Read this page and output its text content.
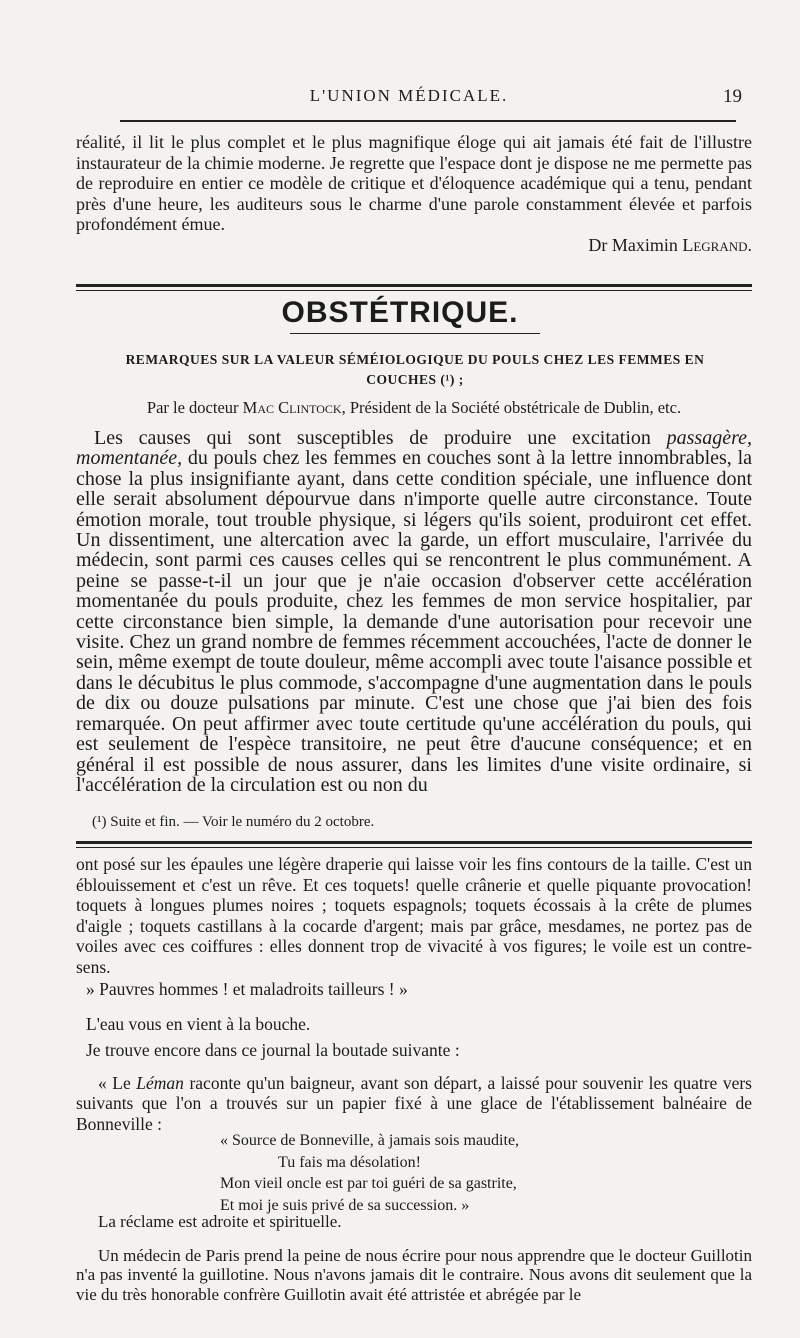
L'UNION MÉDICALE.	19

réalité, il lit le plus complet et le plus magnifique éloge qui ait jamais été fait de l'illustre instaurateur de la chimie moderne. Je regrette que l'espace dont je dispose ne me permette pas de reproduire en entier ce modèle de critique et d'éloquence académique qui a tenu, pendant près d'une heure, les auditeurs sous le charme d'une parole constamment élevée et parfois profondément émue.

Dr Maximin Legrand.

OBSTÉTRIQUE.
REMARQUES SUR LA VALEUR SÉMÉIOLOGIQUE DU POULS CHEZ LES FEMMES EN COUCHES (¹) ;
Par le docteur Mac Clintock, Président de la Société obstétricale de Dublin, etc.

Les causes qui sont susceptibles de produire une excitation passagère, momentanée, du pouls chez les femmes en couches sont à la lettre innombrables, la chose la plus insignifiante ayant, dans cette condition spéciale, une influence dont elle serait absolument dépourvue dans n'importe quelle autre circonstance. Toute émotion morale, tout trouble physique, si légers qu'ils soient, produiront cet effet. Un dissentiment, une altercation avec la garde, un effort musculaire, l'arrivée du médecin, sont parmi ces causes celles qui se rencontrent le plus communément. A peine se passe-t-il un jour que je n'aie occasion d'observer cette accélération momentanée du pouls produite, chez les femmes de mon service hospitalier, par cette circonstance bien simple, la demande d'une autorisation pour recevoir une visite. Chez un grand nombre de femmes récemment accouchées, l'acte de donner le sein, même exempt de toute douleur, même accompli avec toute l'aisance possible et dans le décubitus le plus commode, s'accompagne d'une augmentation dans le pouls de dix ou douze pulsations par minute. C'est une chose que j'ai bien des fois remarquée. On peut affirmer avec toute certitude qu'une accélération du pouls, qui est seulement de l'espèce transitoire, ne peut être d'aucune conséquence; et en général il est possible de nous assurer, dans les limites d'une visite ordinaire, si l'accélération de la circulation est ou non du

(¹) Suite et fin. — Voir le numéro du 2 octobre.

ont posé sur les épaules une légère draperie qui laisse voir les fins contours de la taille. C'est un éblouissement et c'est un rêve. Et ces toquets! quelle crânerie et quelle piquante provocation! toquets à longues plumes noires ; toquets espagnols; toquets écossais à la crête de plumes d'aigle ; toquets castillans à la cocarde d'argent; mais par grâce, mesdames, ne portez pas de voiles avec ces coiffures : elles donnent trop de vivacité à vos figures; le voile est un contre-sens.

» Pauvres hommes ! et maladroits tailleurs ! »

L'eau vous en vient à la bouche.

Je trouve encore dans ce journal la boutade suivante :

« Le Léman raconte qu'un baigneur, avant son départ, a laissé pour souvenir les quatre vers suivants que l'on a trouvés sur un papier fixé à une glace de l'établissement balnéaire de Bonneville :

« Source de Bonneville, à jamais sois maudite,
Tu fais ma désolation!
Mon vieil oncle est par toi guéri de sa gastrite,
Et moi je suis privé de sa succession. »

La réclame est adroite et spirituelle.

Un médecin de Paris prend la peine de nous écrire pour nous apprendre que le docteur Guillotin n'a pas inventé la guillotine. Nous n'avons jamais dit le contraire. Nous avons dit seulement que la vie du très honorable confrère Guillotin avait été attristée et abrégée par le
